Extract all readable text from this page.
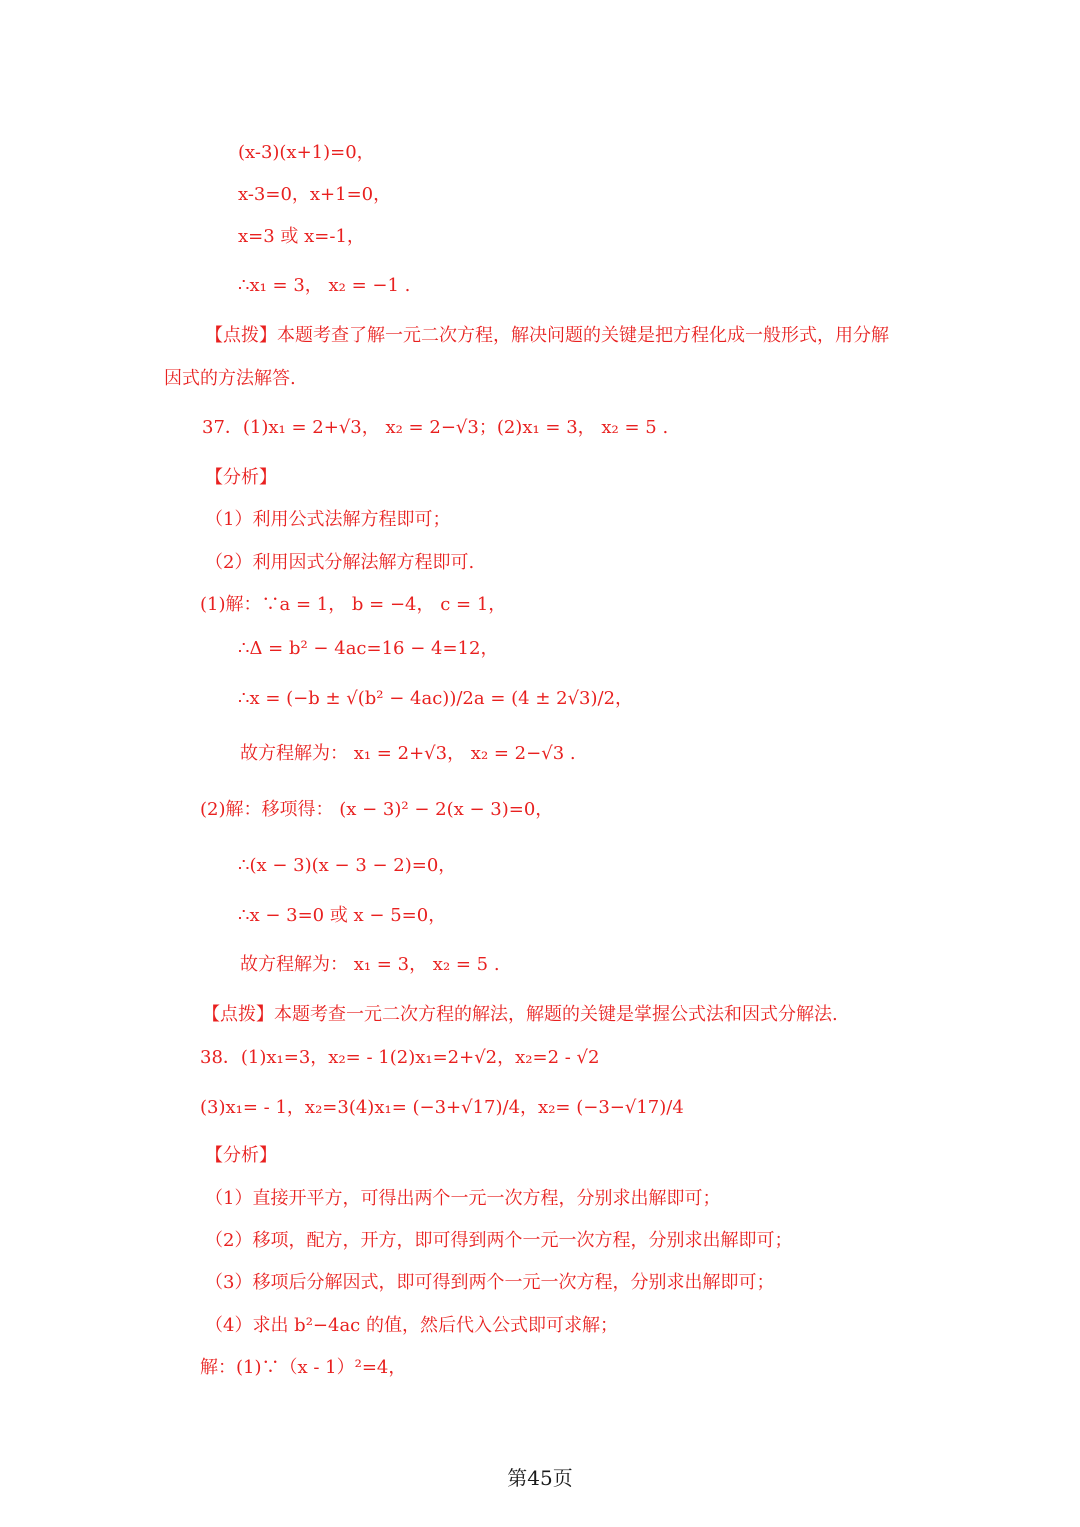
(x-3)(x+1)=0，
x-3=0，x+1=0，
x=3 或 x=-1，
∴x₁ = 3， x₂ = −1 .
【点拨】本题考查了解一元二次方程，解决问题的关键是把方程化成一般形式，用分解
因式的方法解答.
37．(1)x₁ = 2+√3， x₂ = 2−√3；(2)x₁ = 3， x₂ = 5 .
【分析】
（1）利用公式法解方程即可；
（2）利用因式分解法解方程即可.
(1)解：∵a = 1， b = −4， c = 1，
∴Δ = b² − 4ac=16 − 4=12，
∴x = (−b ± √(b² − 4ac))/2a = (4 ± 2√3)/2，
故方程解为： x₁ = 2+√3， x₂ = 2−√3 .
(2)解：移项得： (x − 3)² − 2(x − 3)=0，
∴(x − 3)(x − 3 − 2)=0，
∴x − 3=0 或 x − 5=0，
故方程解为： x₁ = 3， x₂ = 5 .
【点拨】本题考查一元二次方程的解法，解题的关键是掌握公式法和因式分解法.
38．(1)x₁=3，x₂= - 1(2)x₁=2+√2，x₂=2 - √2
(3)x₁= - 1，x₂=3(4)x₁= (−3+√17)/4，x₂= (−3−√17)/4
【分析】
（1）直接开平方，可得出两个一元一次方程，分别求出解即可；
（2）移项，配方，开方，即可得到两个一元一次方程，分别求出解即可；
（3）移项后分解因式，即可得到两个一元一次方程，分别求出解即可；
（4）求出 b²−4ac 的值，然后代入公式即可求解；
解：(1)∵（x - 1）²=4，
第45页
